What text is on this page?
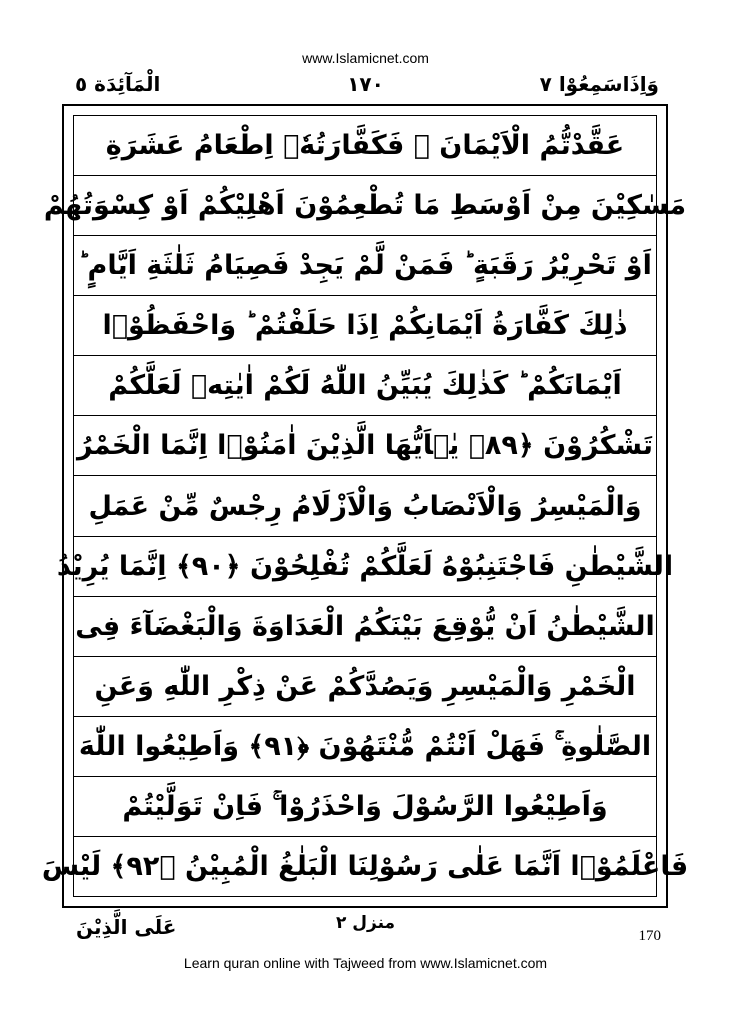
www.Islamicnet.com
الْمَآئِدَة ٥	١٧٠	وَاِذَاسَمِعُوْا ٧
عَقَّدْتُّمُ الْاَيْمَانَ ۚ فَكَفَّارَتُهٗۤ اِطْعَامُ عَشَرَةِ
مَسٰكِيْنَ مِنْ اَوْسَطِ مَا تُطْعِمُوْنَ اَهْلِيْكُمْ اَوْ كِسْوَتُهُمْ
اَوْ تَحْرِيْرُ رَقَبَةٍ ؕ فَمَنْ لَّمْ يَجِدْ فَصِيَامُ ثَلٰثَةِ اَيَّامٍ ؕ
ذٰلِكَ كَفَّارَةُ اَيْمَانِكُمْ اِذَا حَلَفْتُمْ ؕ وَاحْفَظُوْۤا
اَيْمَانَكُمْ ؕ كَذٰلِكَ يُبَيِّنُ اللّٰهُ لَكُمْ اٰيٰتِهٖ لَعَلَّكُمْ
تَشْكُرُوْنَ ﴿٨٩﴾ يٰۤاَيُّهَا الَّذِيْنَ اٰمَنُوْۤا اِنَّمَا الْخَمْرُ
وَالْمَيْسِرُ وَالْاَنْصَابُ وَالْاَزْلَامُ رِجْسٌ مِّنْ عَمَلِ
الشَّيْطٰنِ فَاجْتَنِبُوْهُ لَعَلَّكُمْ تُفْلِحُوْنَ ﴿٩٠﴾ اِنَّمَا يُرِيْدُ
الشَّيْطٰنُ اَنْ يُّوْقِعَ بَيْنَكُمُ الْعَدَاوَةَ وَالْبَغْضَآءَ فِى
الْخَمْرِ وَالْمَيْسِرِ وَيَصُدَّكُمْ عَنْ ذِكْرِ اللّٰهِ وَعَنِ
الصَّلٰوةِ ۚ فَهَلْ اَنْتُمْ مُّنْتَهُوْنَ ﴿٩١﴾ وَاَطِيْعُوا اللّٰهَ
وَاَطِيْعُوا الرَّسُوْلَ وَاحْذَرُوْا ۚ فَاِنْ تَوَلَّيْتُمْ
فَاعْلَمُوْۤا اَنَّمَا عَلٰى رَسُوْلِنَا الْبَلٰغُ الْمُبِيْنُ ﴿٩٢﴾ لَيْسَ
عَلَى الَّذِيْنَ	منزل ٢
170
Learn quran online with Tajweed from www.Islamicnet.com
